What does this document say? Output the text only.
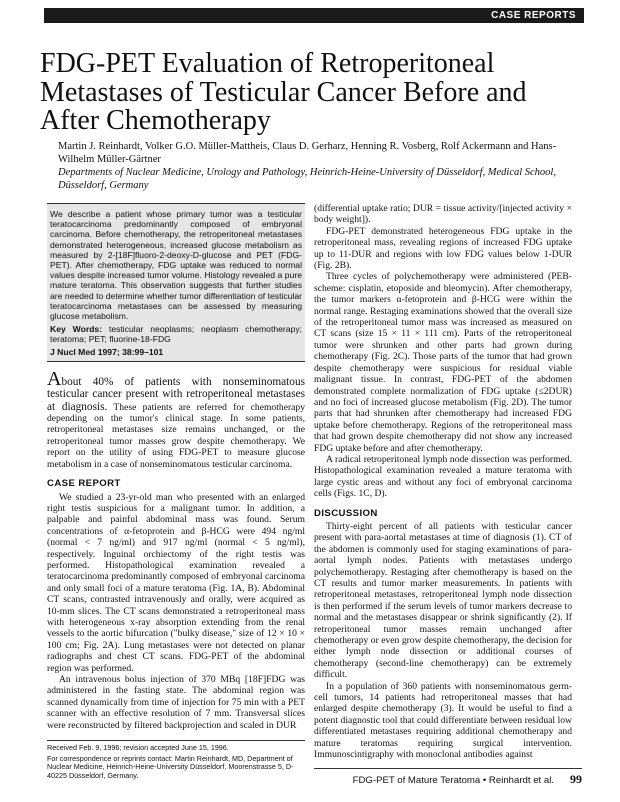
CASE REPORTS
FDG-PET Evaluation of Retroperitoneal Metastases of Testicular Cancer Before and After Chemotherapy
Martin J. Reinhardt, Volker G.O. Müller-Mattheis, Claus D. Gerharz, Henning R. Vosberg, Rolf Ackermann and Hans-Wilhelm Müller-Gärtner
Departments of Nuclear Medicine, Urology and Pathology, Heinrich-Heine-University of Düsseldorf, Medical School, Düsseldorf, Germany

We describe a patient whose primary tumor was a testicular teratocarcinoma predominantly composed of embryonal carcinoma. Before chemotherapy, the retroperitoneal metastases demonstrated heterogeneous, increased glucose metabolism as measured by 2-[18F]fluoro-2-deoxy-D-glucose and PET (FDG-PET). After chemotherapy, FDG uptake was reduced to normal values despite increased tumor volume. Histology revealed a pure mature teratoma. This observation suggests that further studies are needed to determine whether tumor differentiation of testicular teratocarcinoma metastases can be assessed by measuring glucose metabolism.

Key Words: testicular neoplasms; neoplasm chemotherapy; teratoma; PET; fluorine-18-FDG

J Nucl Med 1997; 38:99–101

About 40% of patients with nonseminomatous testicular cancer present with retroperitoneal metastases at diagnosis. These patients are referred for chemotherapy depending on the tumor's clinical stage. In some patients, retroperitoneal metastases size remains unchanged, or the retroperitoneal tumor masses grow despite chemotherapy. We report on the utility of using FDG-PET to measure glucose metabolism in a case of nonseminomatous testicular carcinoma.

CASE REPORT

We studied a 23-yr-old man who presented with an enlarged right testis suspicious for a malignant tumor. In addition, a palpable and painful abdominal mass was found. Serum concentrations of α-fetoprotein and β-HCG were 494 ng/ml (normal < 7 ng/ml) and 917 ng/ml (normal < 5 ng/ml), respectively. Inguinal orchiectomy of the right testis was performed. Histopathological examination revealed a teratocarcinoma predominantly composed of embryonal carcinoma and only small foci of a mature teratoma (Fig. 1A, B). Abdominal CT scans, contrasted intravenously and orally, were acquired as 10-mm slices. The CT scans demonstrated a retroperitoneal mass with heterogeneous x-ray absorption extending from the renal vessels to the aortic bifurcation ("bulky disease," size of 12 × 10 × 100 cm; Fig. 2A). Lung metastases were not detected on planar radiographs and chest CT scans. FDG-PET of the abdominal region was performed.

An intravenous bolus injection of 370 MBq [18F]FDG was administered in the fasting state. The abdominal region was scanned dynamically from time of injection for 75 min with a PET scanner with an effective resolution of 7 mm. Transversal slices were reconstructed by filtered backprojection and scaled in DUR

(differential uptake ratio; DUR = tissue activity/[injected activity × body weight]).

FDG-PET demonstrated heterogeneous FDG uptake in the retroperitoneal mass, revealing regions of increased FDG uptake up to 11-DUR and regions with low FDG values below 1-DUR (Fig. 2B).

Three cycles of polychemotherapy were administered (PEB-scheme: cisplatin, etoposide and bleomycin). After chemotherapy, the tumor markers α-fetoprotein and β-HCG were within the normal range. Restaging examinations showed that the overall size of the retroperitoneal tumor mass was increased as measured on CT scans (size 15 × 11 × 111 cm). Parts of the retroperitoneal tumor were shrunken and other parts had grown during chemotherapy (Fig. 2C). Those parts of the tumor that had grown despite chemotherapy were suspicious for residual viable malignant tissue. In contrast, FDG-PET of the abdomen demonstrated complete normalization of FDG uptake (≤2DUR) and no foci of increased glucose metabolism (Fig. 2D). The tumor parts that had shrunken after chemotherapy had increased FDG uptake before chemotherapy. Regions of the retroperitoneal mass that had grown despite chemotherapy did not show any increased FDG uptake before and after chemotherapy.

A radical retroperitoneal lymph node dissection was performed. Histopathological examination revealed a mature teratoma with large cystic areas and without any foci of embryonal carcinoma cells (Figs. 1C, D).

DISCUSSION

Thirty-eight percent of all patients with testicular cancer present with para-aortal metastases at time of diagnosis (1). CT of the abdomen is commonly used for staging examinations of para-aortal lymph nodes. Patients with metastases undergo polychemotherapy. Restaging after chemotherapy is based on the CT results and tumor marker measurements. In patients with retroperitoneal metastases, retroperitoneal lymph node dissection is then performed if the serum levels of tumor markers decrease to normal and the metastases disappear or shrink significantly (2). If retroperitoneal tumor masses remain unchanged after chemotherapy or even grow despite chemotherapy, the decision for either lymph node dissection or additional courses of chemotherapy (second-line chemotherapy) can be extremely difficult.

In a population of 360 patients with nonseminomatous germ-cell tumors, 14 patients had retroperitoneal masses that had enlarged despite chemotherapy (3). It would be useful to find a potent diagnostic tool that could differentiate between residual low differentiated metastases requiring additional chemotherapy and mature teratomas requiring surgical intervention. Immunoscintigraphy with monoclonal antibodies against

Received Feb. 9, 1996; revision accepted June 15, 1996.

For correspondence or reprints contact: Martin Reinhardt, MD, Department of Nuclear Medicine, Heinrich-Heine-University Düsseldorf, Moorenstrasse 5, D-40225 Düsseldorf, Germany.	FDG-PET of Mature Teratoma • Reinhardt et al. 99
